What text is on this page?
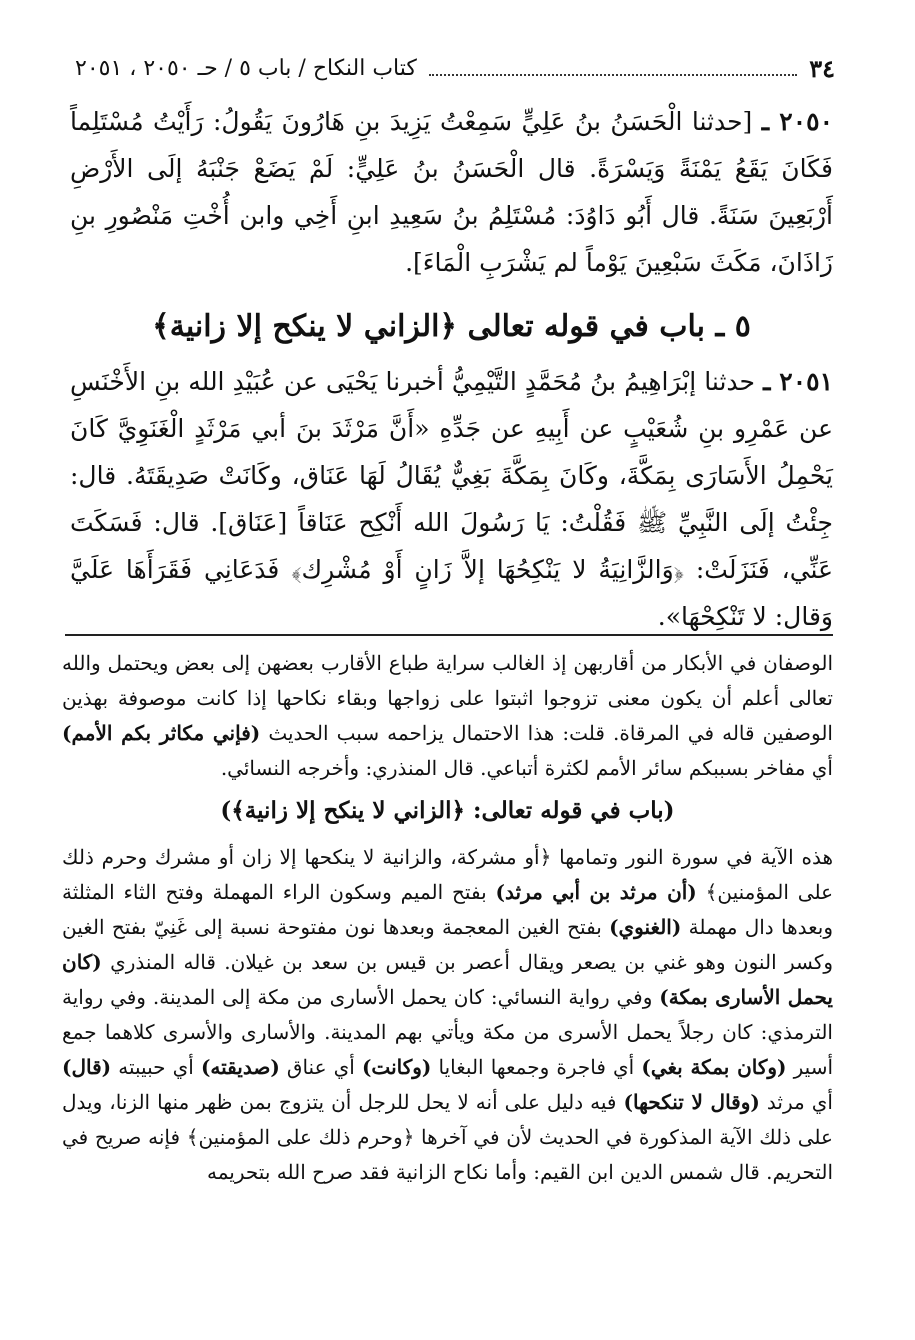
٣٤
كتاب النكاح / باب ٥ / حـ ٢٠٥٠ ، ٢٠٥١

٢٠٥٠ ـ [حدثنا الْحَسَنُ بنُ عَلِيٍّ سَمِعْتُ يَزِيدَ بنِ هَارُونَ يَقُولُ: رَأَيْتُ مُسْتَلِماً فَكَانَ يَقَعُ يَمْنَةً وَيَسْرَةً. قال الْحَسَنُ بنُ عَلِيٍّ: لَمْ يَضَعْ جَنْبَهُ إلَى الأَرْضِ أَرْبَعِينَ سَنَةً. قال أَبُو دَاوُدَ: مُسْتَلِمُ بنُ سَعِيدِ ابنِ أَخِي وابن أُخْتِ مَنْصُورِ بنِ زَاذَانَ، مَكَثَ سَبْعِينَ يَوْماً لم يَشْرَبِ الْمَاءَ].

٥ ـ باب في قوله تعالى ﴿الزاني لا ينكح إلا زانية﴾

٢٠٥١ ـ حدثنا إبْرَاهِيمُ بنُ مُحَمَّدٍ التَّيْمِيُّ أخبرنا يَحْيَى عن عُبَيْدِ الله بنِ الأَخْنَسِ عن عَمْرِو بنِ شُعَيْبٍ عن أَبِيهِ عن جَدِّهِ «أَنَّ مَرْثَدَ بنَ أبي مَرْثَدٍ الْغَنَوِيَّ كَانَ يَحْمِلُ الأَسَارَى بِمَكَّةَ، وكَانَ بِمَكَّةَ بَغِيٌّ يُقَالُ لَهَا عَنَاق، وكَانَتْ صَدِيقَتَهُ. قال: جِئْتُ إلَى النَّبِيِّ ﷺ فَقُلْتُ: يَا رَسُولَ الله أَنْكِح عَنَاقاً [عَنَاق]. قال: فَسَكَتَ عَنِّي، فَنَزَلَتْ: ﴿وَالزَّانِيَةُ لا يَنْكِحُهَا إلاَّ زَانٍ أَوْ مُشْرِك﴾ فَدَعَانِي فَقَرَأَهَا عَلَيَّ وَقال: لا تَنْكِحْهَا».

الوصفان في الأبكار من أقاربهن إذ الغالب سراية طباع الأقارب بعضهن إلى بعض ويحتمل والله تعالى أعلم أن يكون معنى تزوجوا اثبتوا على زواجها وبقاء نكاحها إذا كانت موصوفة بهذين الوصفين قاله في المرقاة. قلت: هذا الاحتمال يزاحمه سبب الحديث (فإني مكاثر بكم الأمم) أي مفاخر بسببكم سائر الأمم لكثرة أتباعي. قال المنذري: وأخرجه النسائي.

(باب في قوله تعالى: ﴿الزاني لا ينكح إلا زانية﴾)

هذه الآية في سورة النور وتمامها ﴿أو مشركة، والزانية لا ينكحها إلا زان أو مشرك وحرم ذلك على المؤمنين﴾ (أن مرثد بن أبي مرثد) بفتح الميم وسكون الراء المهملة وفتح الثاء المثلثة وبعدها دال مهملة (الغنوي) بفتح الغين المعجمة وبعدها نون مفتوحة نسبة إلى غَنِيّ بفتح الغين وكسر النون وهو غني بن يصعر ويقال أعصر بن قيس بن سعد بن غيلان. قاله المنذري (كان يحمل الأسارى بمكة) وفي رواية النسائي: كان يحمل الأسارى من مكة إلى المدينة. وفي رواية الترمذي: كان رجلاً يحمل الأسرى من مكة ويأتي بهم المدينة. والأسارى والأسرى كلاهما جمع أسير (وكان بمكة بغي) أي فاجرة وجمعها البغايا (وكانت) أي عناق (صديقته) أي حبيبته (قال) أي مرثد (وقال لا تنكحها) فيه دليل على أنه لا يحل للرجل أن يتزوج بمن ظهر منها الزنا، ويدل على ذلك الآية المذكورة في الحديث لأن في آخرها ﴿وحرم ذلك على المؤمنين﴾ فإنه صريح في التحريم. قال شمس الدين ابن القيم: وأما نكاح الزانية فقد صرح الله بتحريمه
